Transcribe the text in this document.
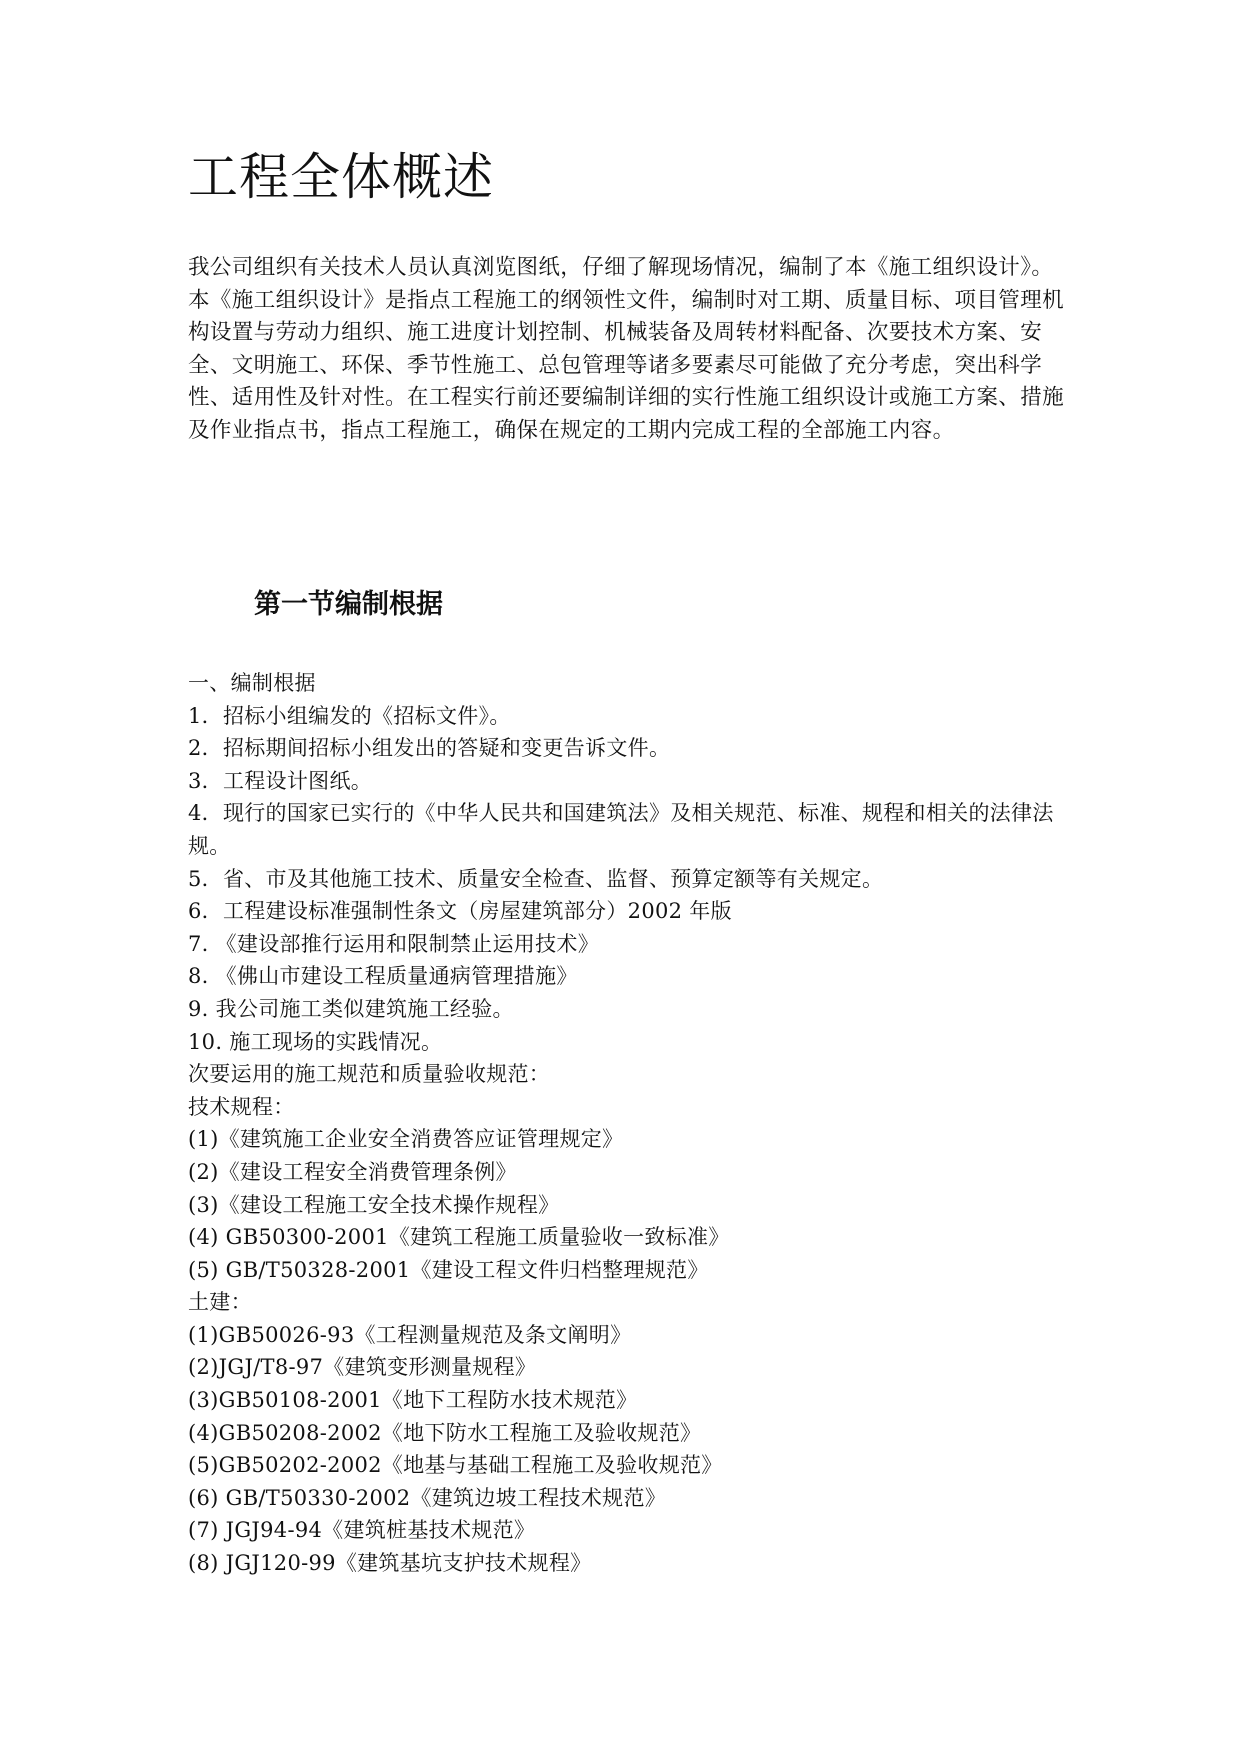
工程全体概述

我公司组织有关技术人员认真浏览图纸，仔细了解现场情况，编制了本《施工组织设计》。

本《施工组织设计》是指点工程施工的纲领性文件，编制时对工期、质量目标、项目管理机构设置与劳动力组织、施工进度计划控制、机械装备及周转材料配备、次要技术方案、安全、文明施工、环保、季节性施工、总包管理等诸多要素尽可能做了充分考虑，突出科学性、适用性及针对性。在工程实行前还要编制详细的实行性施工组织设计或施工方案、措施及作业指点书，指点工程施工，确保在规定的工期内完成工程的全部施工内容。

第一节编制根据

一、编制根据

1．招标小组编发的《招标文件》。

2．招标期间招标小组发出的答疑和变更告诉文件。

3．工程设计图纸。

4．现行的国家已实行的《中华人民共和国建筑法》及相关规范、标准、规程和相关的法律法规。

5．省、市及其他施工技术、质量安全检查、监督、预算定额等有关规定。

6．工程建设标准强制性条文（房屋建筑部分）2002 年版

7. 《建设部推行运用和限制禁止运用技术》

8. 《佛山市建设工程质量通病管理措施》

9. 我公司施工类似建筑施工经验。

10. 施工现场的实践情况。

次要运用的施工规范和质量验收规范：

技术规程：

(1)《建筑施工企业安全消费答应证管理规定》

(2)《建设工程安全消费管理条例》

(3)《建设工程施工安全技术操作规程》

(4) GB50300-2001《建筑工程施工质量验收一致标准》

(5) GB/T50328-2001《建设工程文件归档整理规范》

土建：

(1)GB50026-93《工程测量规范及条文阐明》

(2)JGJ/T8-97《建筑变形测量规程》

(3)GB50108-2001《地下工程防水技术规范》

(4)GB50208-2002《地下防水工程施工及验收规范》

(5)GB50202-2002《地基与基础工程施工及验收规范》

(6) GB/T50330-2002《建筑边坡工程技术规范》

(7) JGJ94-94《建筑桩基技术规范》

(8) JGJ120-99《建筑基坑支护技术规程》
